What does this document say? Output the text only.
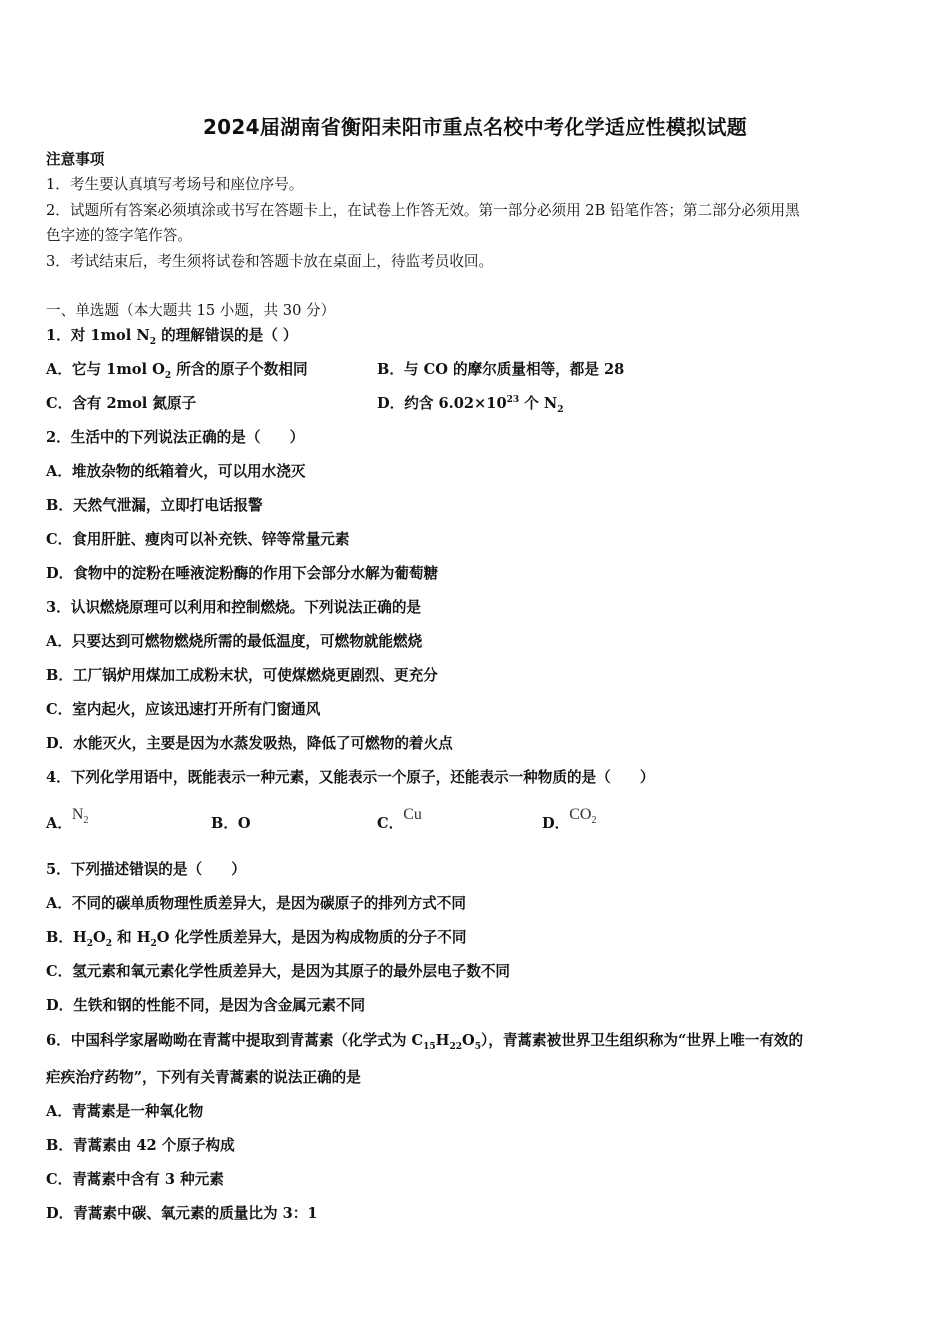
2024届湖南省衡阳耒阳市重点名校中考化学适应性模拟试题
注意事项
1．考生要认真填写考场号和座位序号。
2．试题所有答案必须填涂或书写在答题卡上，在试卷上作答无效。第一部分必须用 2B 铅笔作答；第二部分必须用黑
色字迹的签字笔作答。
3．考试结束后，考生须将试卷和答题卡放在桌面上，待监考员收回。
一、单选题（本大题共 15 小题，共 30 分）
1．对 1mol $N_2$ 的理解错误的是（ ）
A．它与 1mol $O_2$ 所含的原子个数相同	B．与 CO 的摩尔质量相等，都是 28
C．含有 2mol 氮原子	D．约含 $6.02\times 10^{23}$ 个 $N_2$
2．生活中的下列说法正确的是（　　）
A．堆放杂物的纸箱着火，可以用水浇灭
B．天然气泄漏，立即打电话报警
C．食用肝脏、瘦肉可以补充铁、锌等常量元素
D．食物中的淀粉在唾液淀粉酶的作用下会部分水解为葡萄糖
3．认识燃烧原理可以利用和控制燃烧。下列说法正确的是
A．只要达到可燃物燃烧所需的最低温度，可燃物就能燃烧
B．工厂锅炉用煤加工成粉末状，可使煤燃烧更剧烈、更充分
C．室内起火，应该迅速打开所有门窗通风
D．水能灭火，主要是因为水蒸发吸热，降低了可燃物的着火点
4．下列化学用语中，既能表示一种元素，又能表示一个原子，还能表示一种物质的是（　　）
A．$N_2$	B．O	C．Cu
D．$CO_2$
5．下列描述错误的是（　　）
A．不同的碳单质物理性质差异大，是因为碳原子的排列方式不同
B．$H_2O_2$ 和 $H_2O$ 化学性质差异大，是因为构成物质的分子不同
C．氢元素和氧元素化学性质差异大，是因为其原子的最外层电子数不同
D．生铁和钢的性能不同，是因为含金属元素不同
6．中国科学家屠呦呦在青蒿中提取到青蒿素（化学式为 $C_{15}H_{22}O_5$），青蒿素被世界卫生组织称为“世界上唯一有效的
疟疾治疗药物”，下列有关青蒿素的说法正确的是
A．青蒿素是一种氧化物
B．青蒿素由 42 个原子构成
C．青蒿素中含有 3 种元素
D．青蒿素中碳、氧元素的质量比为 3：1
